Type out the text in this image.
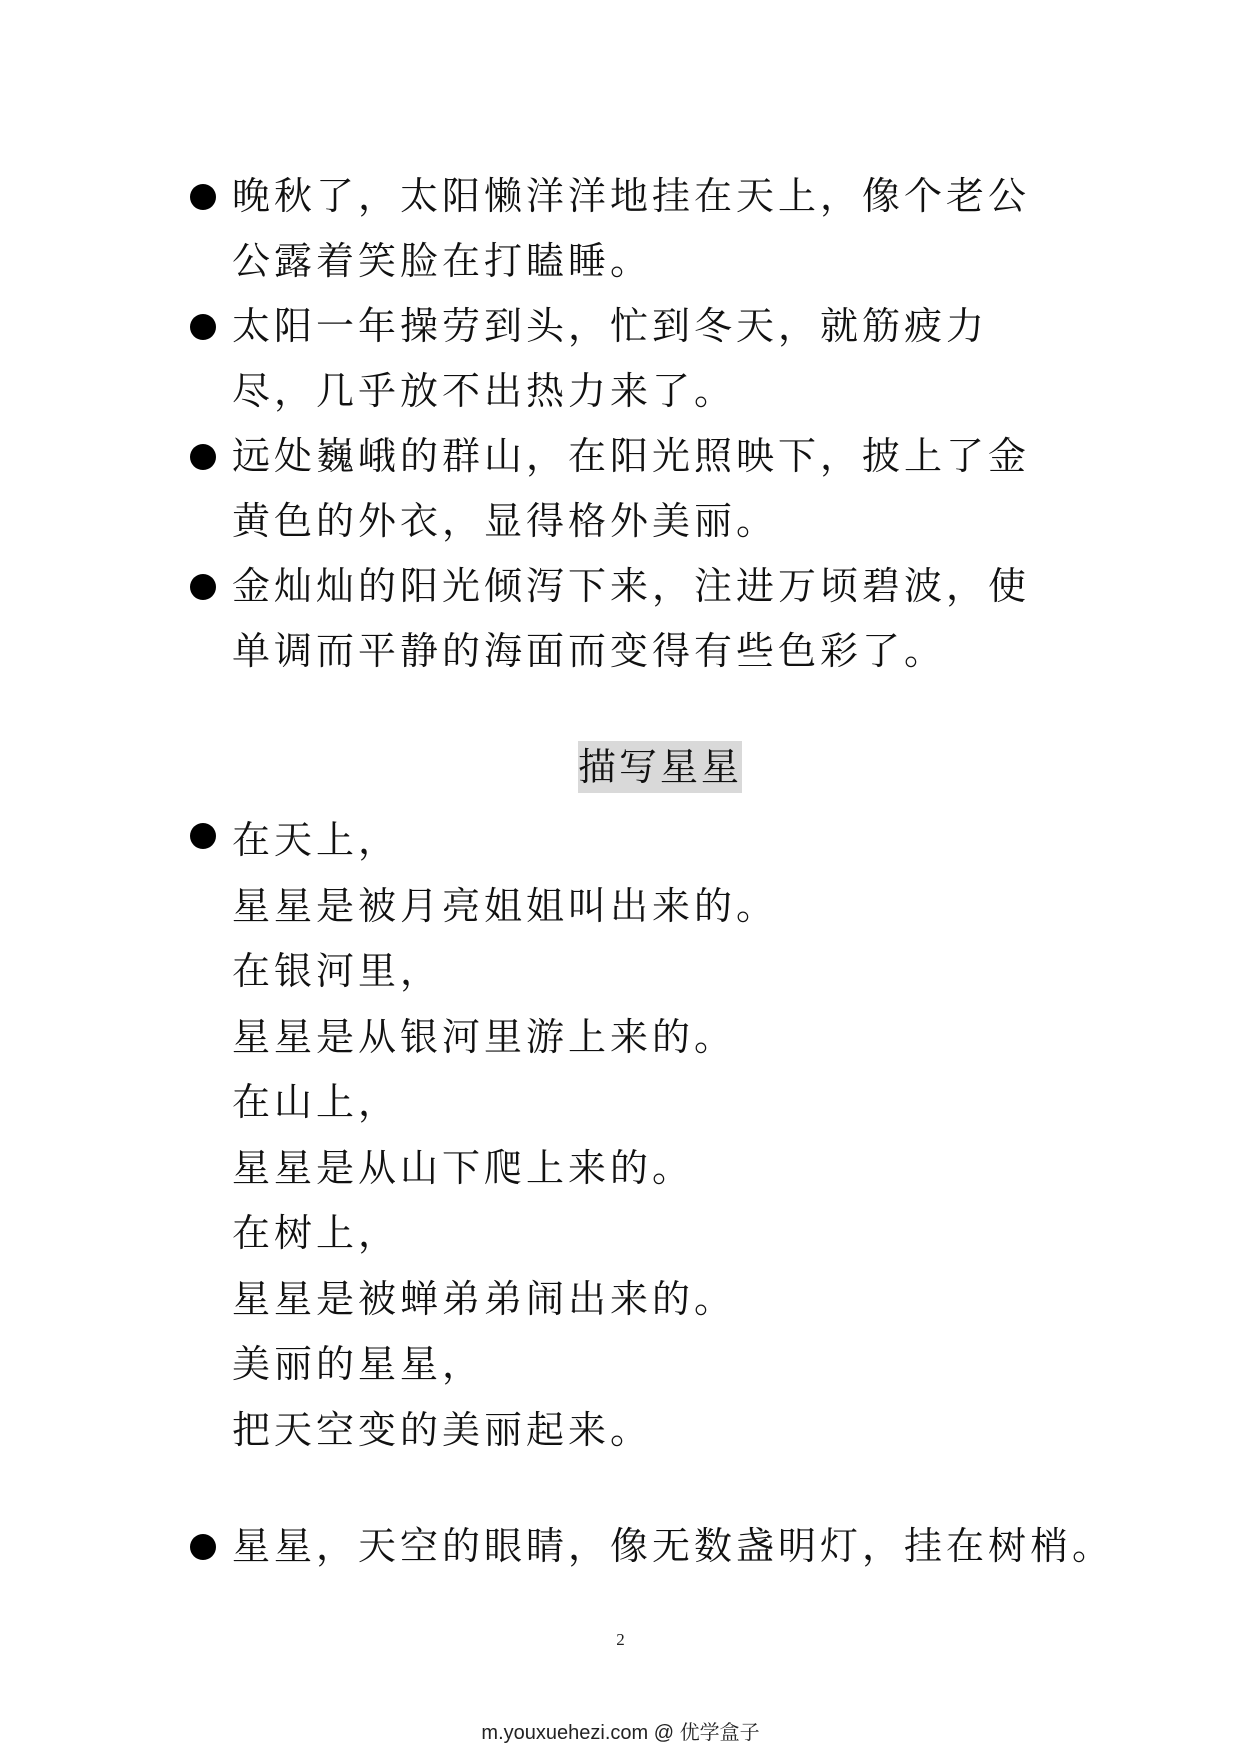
晚秋了，太阳懒洋洋地挂在天上，像个老公公露着笑脸在打瞌睡。
太阳一年操劳到头，忙到冬天，就筋疲力尽，几乎放不出热力来了。
远处巍峨的群山，在阳光照映下，披上了金黄色的外衣，显得格外美丽。
金灿灿的阳光倾泻下来，注进万顷碧波，使单调而平静的海面而变得有些色彩了。
描写星星
在天上，
星星是被月亮姐姐叫出来的。
在银河里，
星星是从银河里游上来的。
在山上，
星星是从山下爬上来的。
在树上，
星星是被蝉弟弟闹出来的。
美丽的星星，
把天空变的美丽起来。
星星，天空的眼睛，像无数盏明灯，挂在树梢。
2
m.youxuehezi.com @ 优学盒子
